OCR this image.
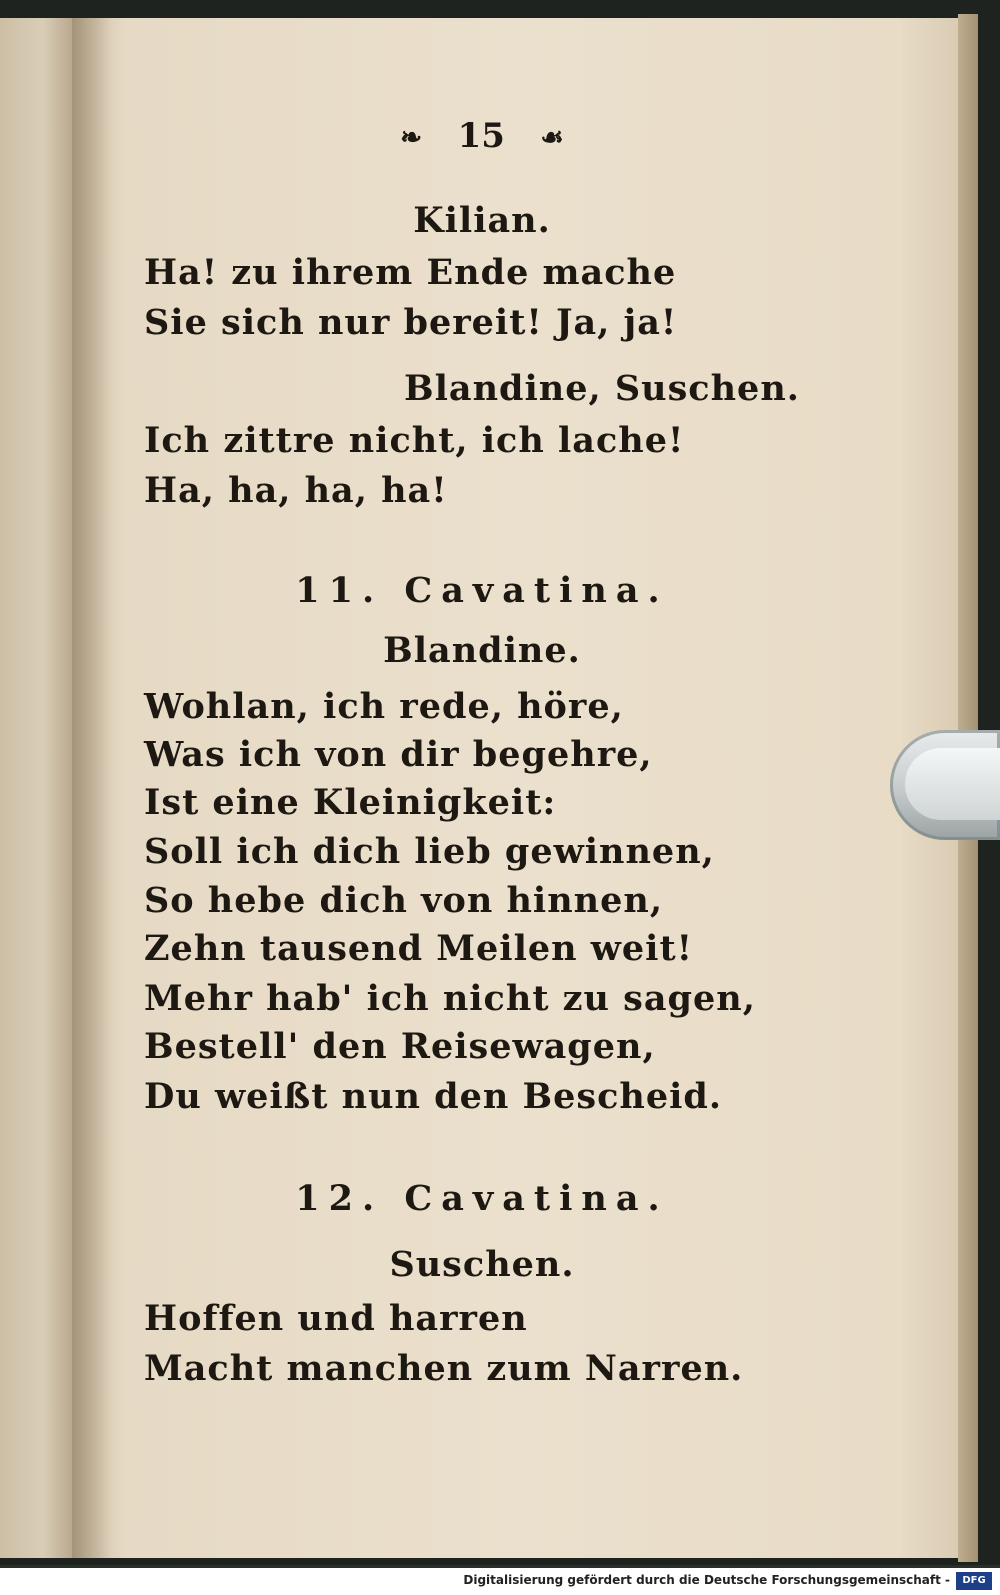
❧ 15 ☙
Kilian.
Ha! zu ihrem Ende mache
Sie sich nur bereit! Ja, ja!
Blandine, Suschen.
Ich zittre nicht, ich lache!
Ha, ha, ha, ha!
11. Cavatina.
Blandine.
Wohlan, ich rede, höre,
Was ich von dir begehre,
Ist eine Kleinigkeit:
Soll ich dich lieb gewinnen,
So hebe dich von hinnen,
Zehn tausend Meilen weit!
Mehr hab' ich nicht zu sagen,
Bestell' den Reisewagen,
Du weißt nun den Bescheid.
12. Cavatina.
Suschen.
Hoffen und harren
Macht manchen zum Narren.
Digitalisierung gefördert durch die Deutsche Forschungsgemeinschaft -	DFG
